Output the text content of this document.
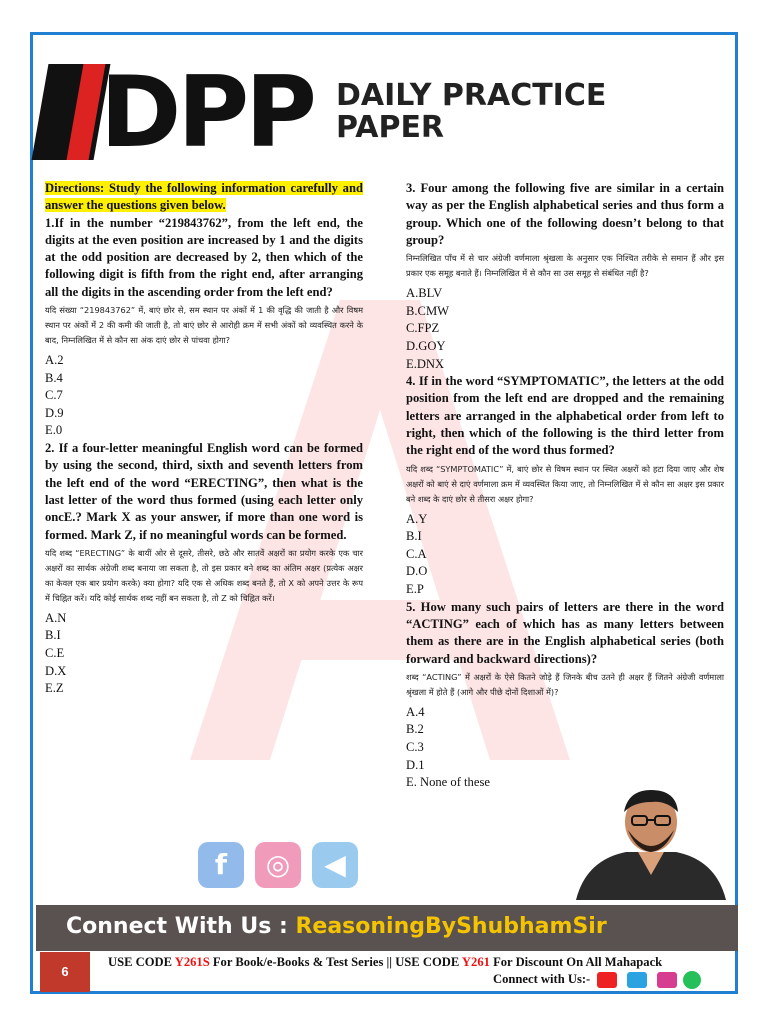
DPP DAILY PRACTICE
PAPER
Directions: Study the following information carefully and answer the questions given below.
1.If in the number “219843762”, from the left end, the digits at the even position are increased by 1 and the digits at the odd position are decreased by 2, then which of the following digit is fifth from the right end, after arranging all the digits in the ascending order from the left end?
यदि संख्या “219843762” में, बाएं छोर से, सम स्थान पर अंकों में 1 की वृद्धि की जाती है और विषम स्थान पर अंकों में 2 की कमी की जाती है, तो बाएं छोर से आरोही क्रम में सभी अंकों को व्यवस्थित करने के बाद, निम्नलिखित में से कौन सा अंक दाएं छोर से पांचवा होगा?
A.2
B.4
C.7
D.9
E.0
2. If a four-letter meaningful English word can be formed by using the second, third, sixth and seventh letters from the left end of the word “ERECTING”, then what is the last letter of the word thus formed (using each letter only oncE.? Mark X as your answer, if more than one word is formed. Mark Z, if no meaningful words can be formed.
यदि शब्द “ERECTING” के बायीं ओर से दूसरे, तीसरे, छठे और सातवें अक्षरों का प्रयोग करके एक चार अक्षरों का सार्थक अंग्रेजी शब्द बनाया जा सकता है, तो इस प्रकार बने शब्द का अंतिम अक्षर (प्रत्येक अक्षर का केवल एक बार प्रयोग करके) क्या होगा? यदि एक से अधिक शब्द बनते हैं, तो X को अपने उत्तर के रूप में चिह्नित करें। यदि कोई सार्थक शब्द नहीं बन सकता है, तो Z को चिह्नित करें।
A.N
B.I
C.E
D.X
E.Z
3. Four among the following five are similar in a certain way as per the English alphabetical series and thus form a group. Which one of the following doesn’t belong to that group?
निम्नलिखित पाँच में से चार अंग्रेजी वर्णमाला श्रृंखला के अनुसार एक निश्चित तरीके से समान हैं और इस प्रकार एक समूह बनाते हैं। निम्नलिखित में से कौन सा उस समूह से संबंधित नहीं है?
A.BLV
B.CMW
C.FPZ
D.GOY
E.DNX
4. If in the word “SYMPTOMATIC”, the letters at the odd position from the left end are dropped and the remaining letters are arranged in the alphabetical order from left to right, then which of the following is the third letter from the right end of the word thus formed?
यदि शब्द “SYMPTOMATIC” में, बाएं छोर से विषम स्थान पर स्थित अक्षरों को हटा दिया जाए और शेष अक्षरों को बाएं से दाएं वर्णमाला क्रम में व्यवस्थित किया जाए, तो निम्नलिखित में से कौन सा अक्षर इस प्रकार बने शब्द के दाएं छोर से तीसरा अक्षर होगा?
A.Y
B.I
C.A
D.O
E.P
5. How many such pairs of letters are there in the word “ACTING” each of which has as many letters between them as there are in the English alphabetical series (both forward and backward directions)?
शब्द “ACTING” में अक्षरों के ऐसे कितने जोड़े हैं जिनके बीच उतने ही अक्षर हैं जितने अंग्रेजी वर्णमाला श्रृंखला में होते हैं (आगे और पीछे दोनों दिशाओं में)?
A.4
B.2
C.3
D.1
E. None of these
f	◎	◀
Connect With Us : ReasoningByShubhamSir
6
USE CODE Y261S For Book/e-Books & Test Series || USE CODE Y261 For Discount On All Mahapack
Connect with Us:-
